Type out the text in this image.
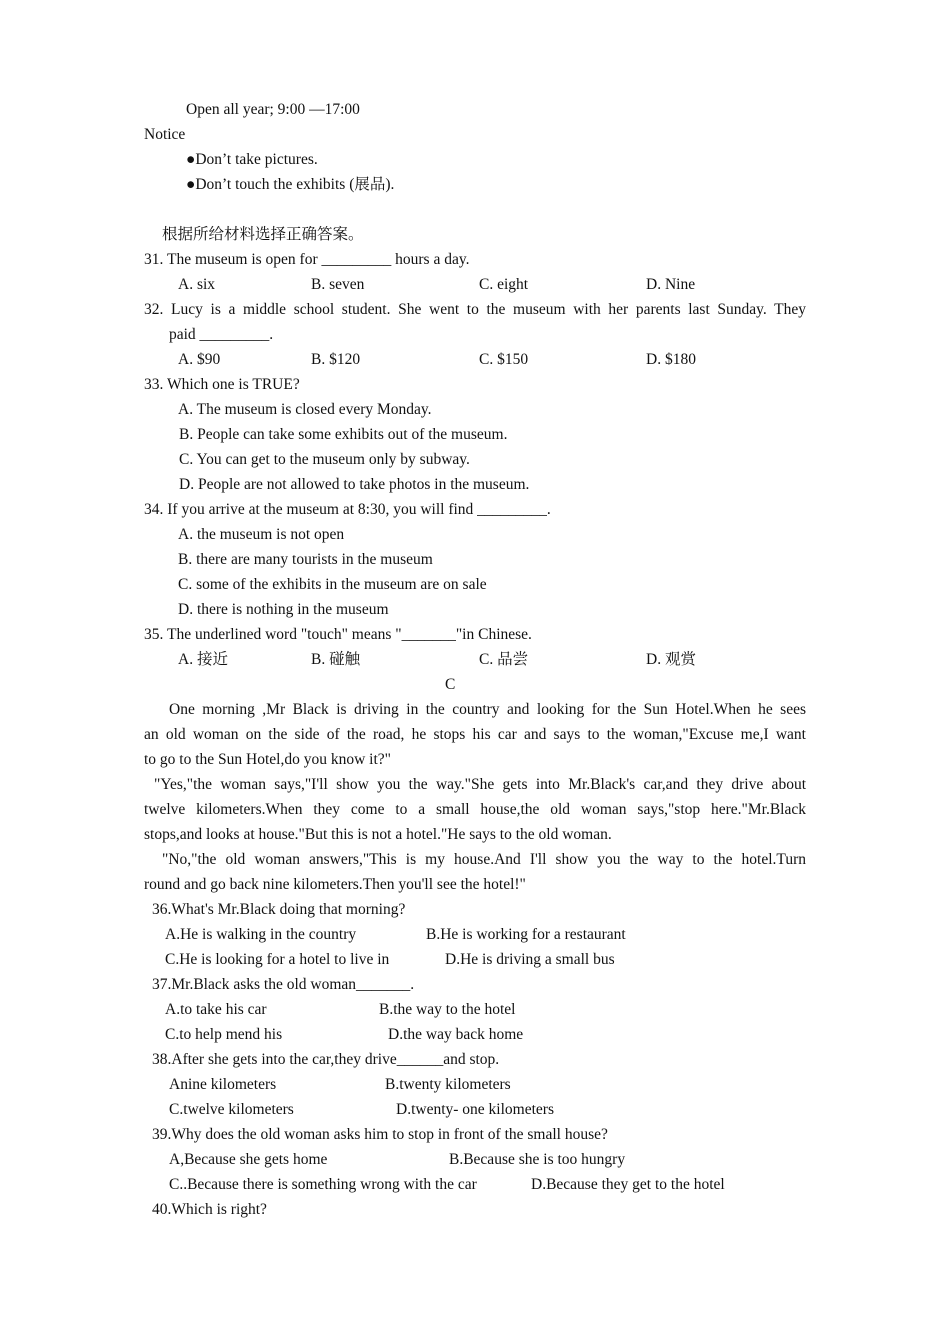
Open all year; 9:00 —17:00
Notice
●Don’t take pictures.
●Don’t touch the exhibits (展品).
根据所给材料选择正确答案。
31. The museum is open for _________ hours a day.
A. six	B. seven	C. eight	D. Nine
32. Lucy is a middle school student. She went to the museum with her parents last Sunday. They
paid _________.
A. $90	B. $120	C. $150	D. $180
33. Which one is TRUE?
A. The museum is closed every Monday.
B. People can take some exhibits out of the museum.
C. You can get to the museum only by subway.
D. People are not allowed to take photos in the museum.
34. If you arrive at the museum at 8:30, you will find _________.
A. the museum is not open
B. there are many tourists in the museum
C. some of the exhibits in the museum are on sale
D. there is nothing in the museum
35. The underlined word "touch" means "_______"in Chinese.
A. 接近	B. 碰触	C. 品尝	D. 观赏
C
One morning ,Mr Black is driving in the country and looking for the Sun Hotel.When he sees
an old woman on the side of the road, he stops his car and says to the woman,"Excuse me,I want
to go to the Sun Hotel,do you know it?"
"Yes,"the woman says,"I'll show you the way."She gets into Mr.Black's car,and they drive about
twelve kilometers.When they come to a small house,the old woman says,"stop here."Mr.Black
stops,and looks at house."But this is not a hotel."He says to the old woman.
"No,"the old woman answers,"This is my house.And I'll show you the way to the hotel.Turn
round and go back nine kilometers.Then you'll see the hotel!"
36.What's Mr.Black doing that morning?
A.He is walking in the country	B.He is working for a restaurant
C.He is looking for a hotel to live in	D.He is driving a small bus
37.Mr.Black asks the old woman_______.
A.to take his car	B.the way to the hotel
C.to help mend his	D.the way back home
38.After she gets into the car,they drive______and stop.
Anine kilometers	B.twenty kilometers
C.twelve kilometers	D.twenty- one kilometers
39.Why does the old woman asks him to stop in front of the small house?
A,Because she gets home	B.Because she is too hungry
C..Because there is something wrong with the car	D.Because they get to the hotel
40.Which is right?
